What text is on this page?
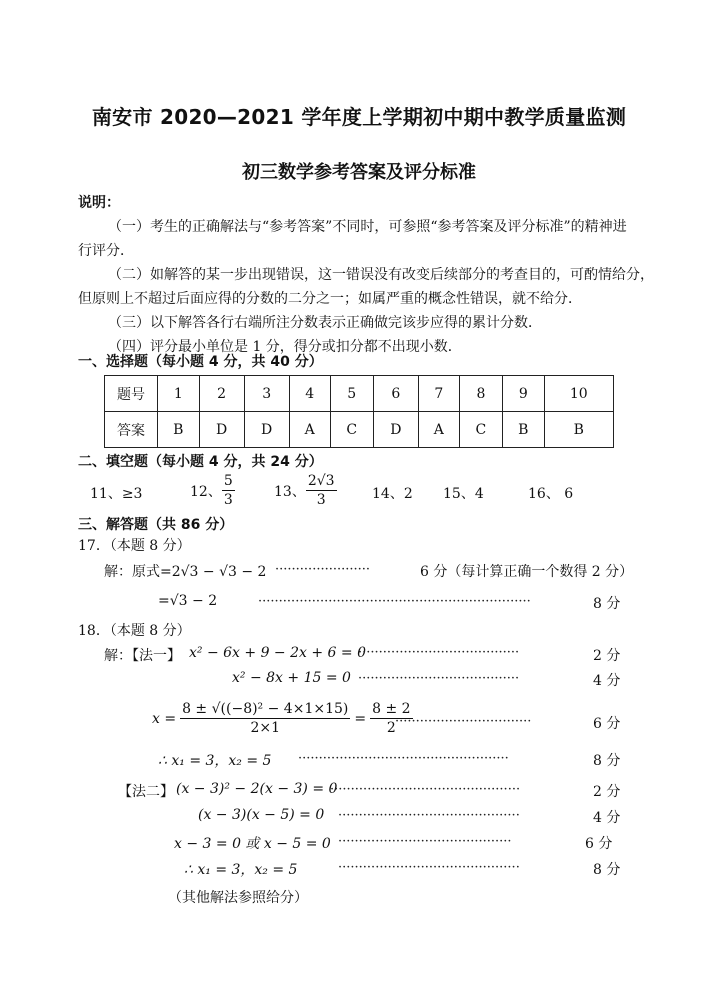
南安市 2020—2021 学年度上学期初中期中教学质量监测
初三数学参考答案及评分标准
说明：
（一）考生的正确解法与“参考答案”不同时，可参照“参考答案及评分标准”的精神进
行评分．
（二）如解答的某一步出现错误，这一错误没有改变后续部分的考查目的，可酌情给分，
但原则上不超过后面应得的分数的二分之一；如属严重的概念性错误，就不给分．
（三）以下解答各行右端所注分数表示正确做完该步应得的累计分数．
（四）评分最小单位是 1 分，得分或扣分都不出现小数．
一、选择题（每小题 4 分，共 40 分）
题号	1	2	3	4	5	6	7	8	9	10
答案	B	D	D	A	C	D	A	C	B	B
二、填空题（每小题 4 分，共 24 分）
11、≥3	12、 $\frac{5}{3}$	13、 $\frac{2√3}{3}$	14、2 15、4	16、 6
三、解答题（共 86 分）
17．（本题 8 分）
解：原式=2√3 − √3 − 2 ·······················	6 分（每计算正确一个数得 2 分）
=√3 − 2	··································································	8 分
18．（本题 8 分）
解：【法一】 x² − 6x + 9 − 2x + 6 = 0
·······································	2 分
x² − 8x + 15 = 0 ·······································	4 分
$x = \frac{\text{8 ± √((−8)² − 4×1×15)}}{2\times 1} = \frac{8 \pm 2}{2}$
·································	6 分
∴ x₁ = 3，x₂ = 5 ···················································	8 分
【法二】 (x − 3)² − 2(x − 3) = 0
··············································	2 分
(x − 3)(x − 5) = 0 ············································	4 分
x − 3 = 0 或 x − 5 = 0 ··········································	6 分
∴ x₁ = 3，x₂ = 5	············································	8 分
（其他解法参照给分）
